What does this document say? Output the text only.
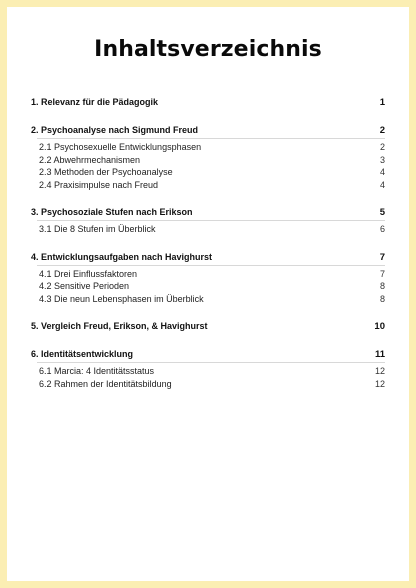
Inhaltsverzeichnis
1. Relevanz für die Pädagogik	1
2. Psychoanalyse nach Sigmund Freud	2
2.1 Psychosexuelle Entwicklungsphasen	2
2.2 Abwehrmechanismen	3
2.3 Methoden der Psychoanalyse	4
2.4 Praxisimpulse nach Freud	4
3. Psychosoziale Stufen nach Erikson	5
3.1 Die 8 Stufen im Überblick	6
4. Entwicklungsaufgaben nach Havighurst	7
4.1 Drei Einflussfaktoren	7
4.2 Sensitive Perioden	8
4.3 Die neun Lebensphasen im Überblick	8
5. Vergleich Freud, Erikson, & Havighurst	10
6. Identitätsentwicklung	11
6.1 Marcia: 4 Identitätsstatus	12
6.2 Rahmen der Identitätsbildung	12
